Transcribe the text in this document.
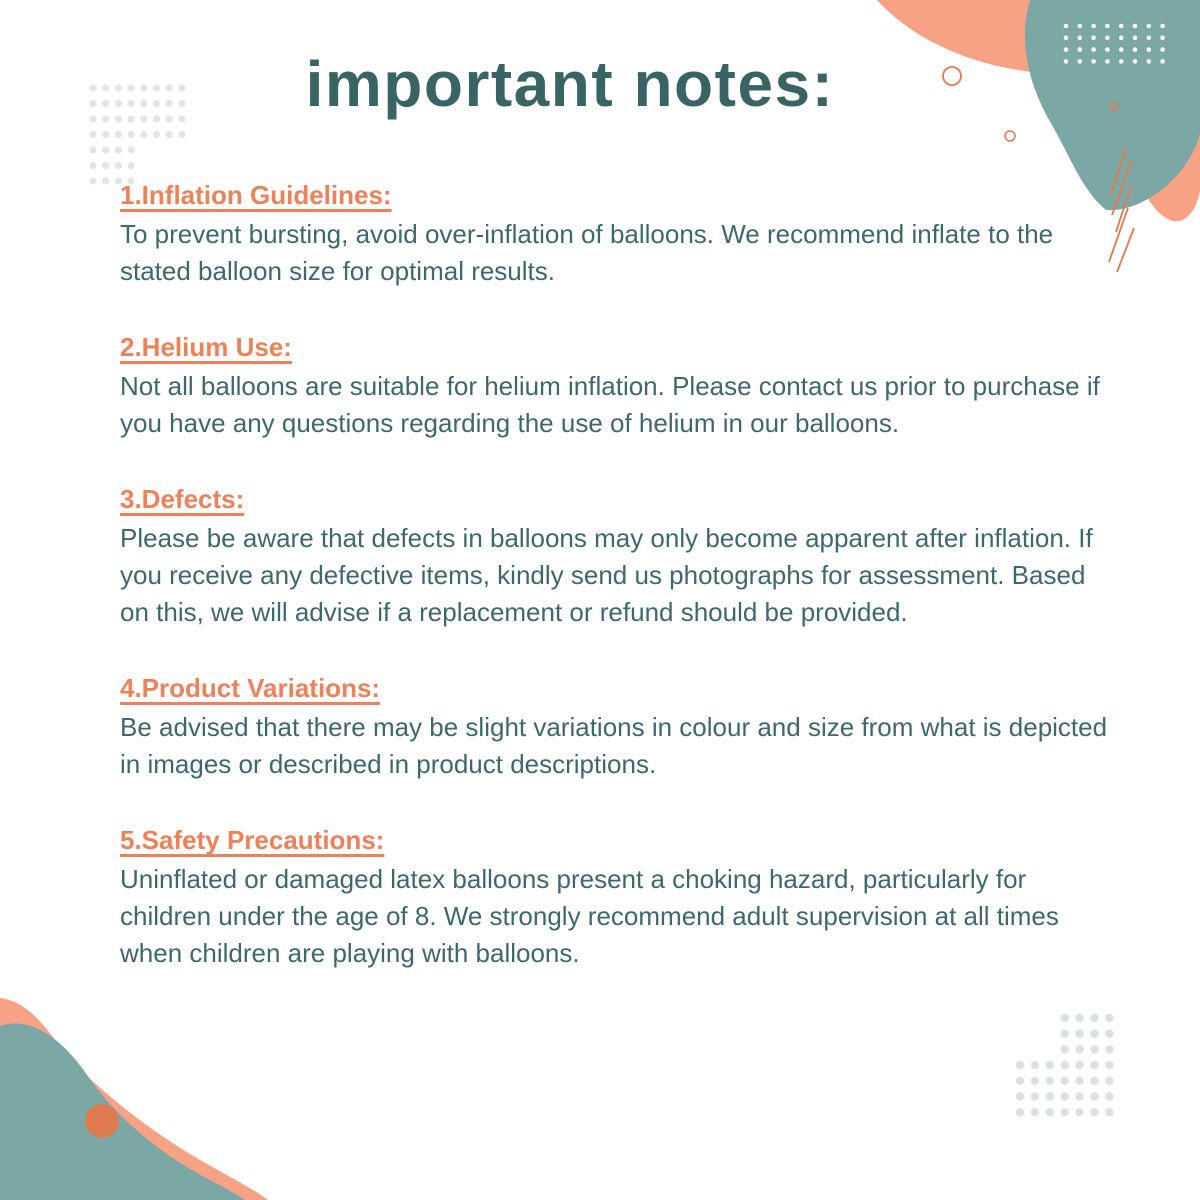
important notes:
1.Inflation Guidelines:

To prevent bursting, avoid over-inflation of balloons. We recommend inflate to the stated balloon size for optimal results.

2.Helium Use:

Not all balloons are suitable for helium inflation. Please contact us prior to purchase if you have any questions regarding the use of helium in our balloons.

3.Defects:

Please be aware that defects in balloons may only become apparent after inflation. If you receive any defective items, kindly send us photographs for assessment. Based on this, we will advise if a replacement or refund should be provided.

4.Product Variations:

Be advised that there may be slight variations in colour and size from what is depicted in images or described in product descriptions.

5.Safety Precautions:

Uninflated or damaged latex balloons present a choking hazard, particularly for children under the age of 8. We strongly recommend adult supervision at all times when children are playing with balloons.
